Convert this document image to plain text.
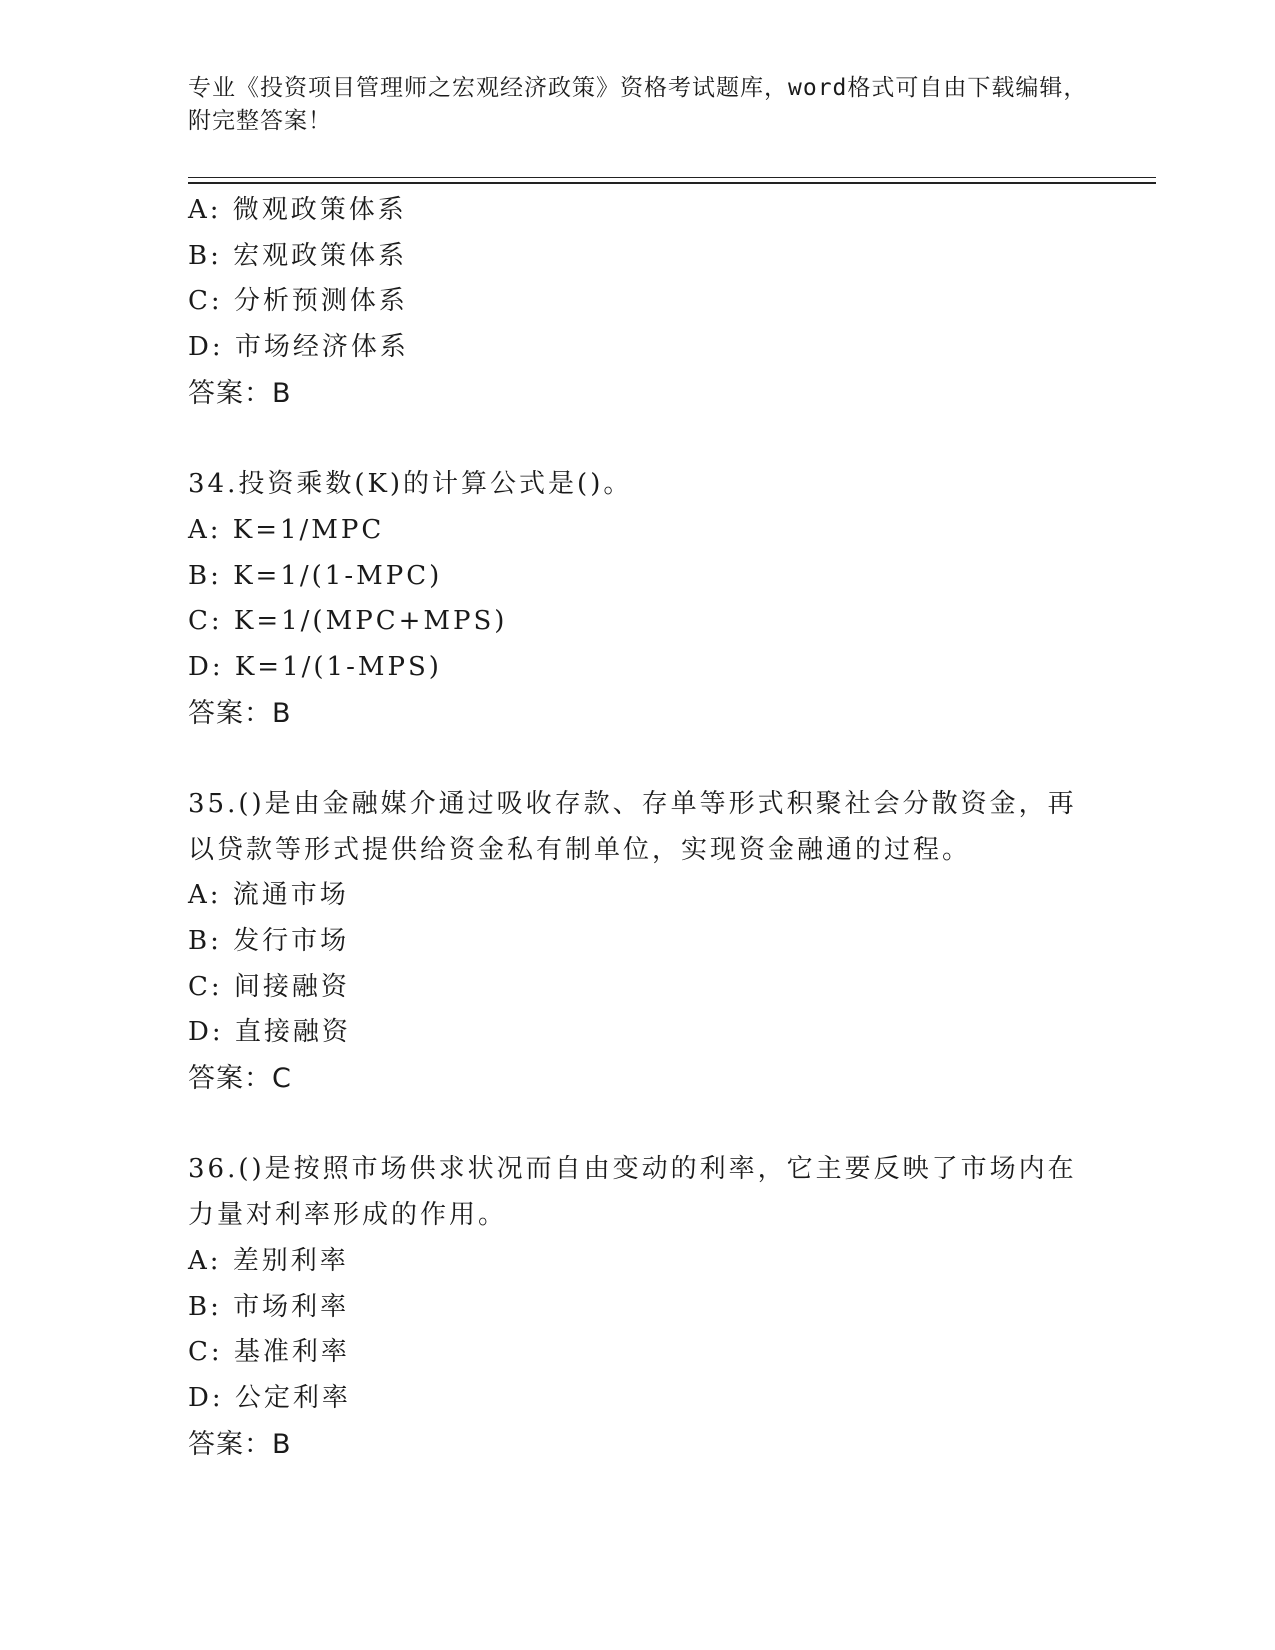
专业《投资项目管理师之宏观经济政策》资格考试题库，word格式可自由下载编辑，附完整答案！
A: 微观政策体系
B: 宏观政策体系
C: 分析预测体系
D: 市场经济体系
答案：B
34.投资乘数(K)的计算公式是()。
A: K=1/MPC
B: K=1/(1-MPC)
C: K=1/(MPC+MPS)
D: K=1/(1-MPS)
答案：B
35.()是由金融媒介通过吸收存款、存单等形式积聚社会分散资金，再
以贷款等形式提供给资金私有制单位，实现资金融通的过程。
A: 流通市场
B: 发行市场
C: 间接融资
D: 直接融资
答案：C
36.()是按照市场供求状况而自由变动的利率，它主要反映了市场内在
力量对利率形成的作用。
A: 差别利率
B: 市场利率
C: 基准利率
D: 公定利率
答案：B
